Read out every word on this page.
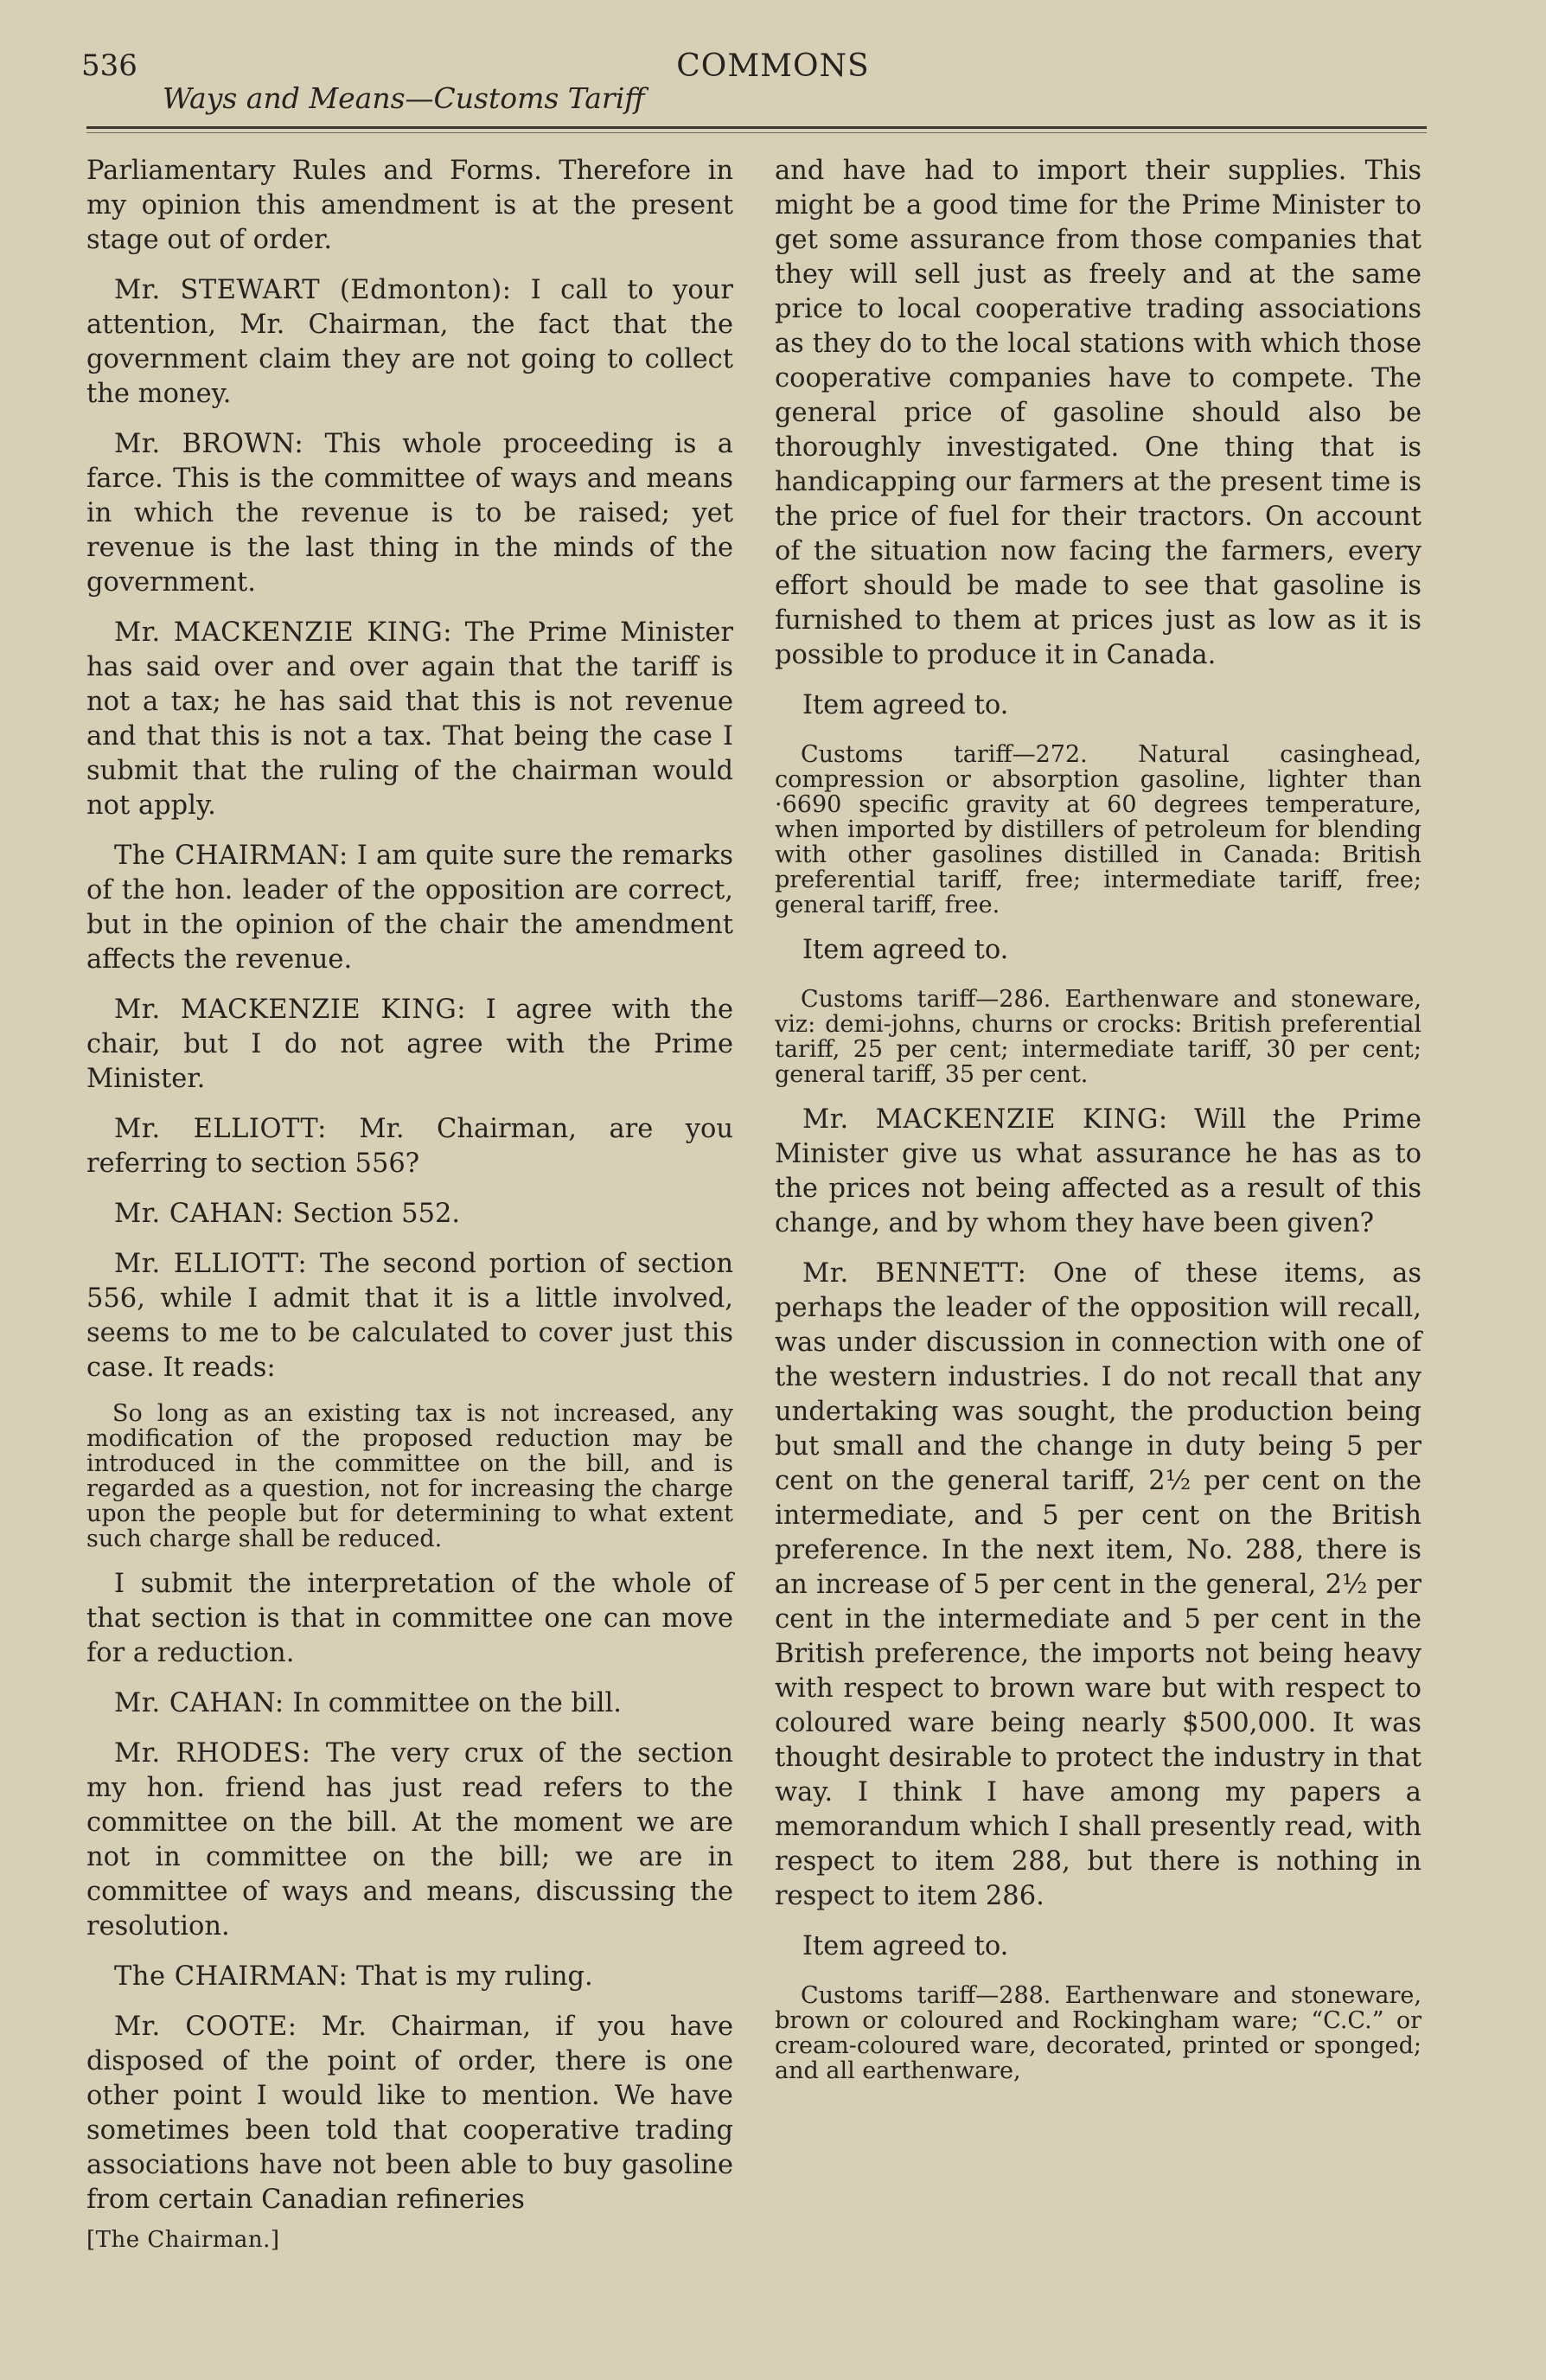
536	COMMONS
Ways and Means—Customs Tariff

Parliamentary Rules and Forms. Therefore in my opinion this amendment is at the present stage out of order.

Mr. STEWART (Edmonton): I call to your attention, Mr. Chairman, the fact that the government claim they are not going to collect the money.

Mr. BROWN: This whole proceeding is a farce. This is the committee of ways and means in which the revenue is to be raised; yet revenue is the last thing in the minds of the government.

Mr. MACKENZIE KING: The Prime Minister has said over and over again that the tariff is not a tax; he has said that this is not revenue and that this is not a tax. That being the case I submit that the ruling of the chairman would not apply.

The CHAIRMAN: I am quite sure the remarks of the hon. leader of the opposition are correct, but in the opinion of the chair the amendment affects the revenue.

Mr. MACKENZIE KING: I agree with the chair, but I do not agree with the Prime Minister.

Mr. ELLIOTT: Mr. Chairman, are you referring to section 556?

Mr. CAHAN: Section 552.

Mr. ELLIOTT: The second portion of section 556, while I admit that it is a little involved, seems to me to be calculated to cover just this case. It reads:

So long as an existing tax is not increased, any modification of the proposed reduction may be introduced in the committee on the bill, and is regarded as a question, not for increasing the charge upon the people but for determining to what extent such charge shall be reduced.

I submit the interpretation of the whole of that section is that in committee one can move for a reduction.

Mr. CAHAN: In committee on the bill.

Mr. RHODES: The very crux of the section my hon. friend has just read refers to the committee on the bill. At the moment we are not in committee on the bill; we are in committee of ways and means, discussing the resolution.

The CHAIRMAN: That is my ruling.

Mr. COOTE: Mr. Chairman, if you have disposed of the point of order, there is one other point I would like to mention. We have sometimes been told that cooperative trading associations have not been able to buy gasoline from certain Canadian refineries

[The Chairman.]

and have had to import their supplies. This might be a good time for the Prime Minister to get some assurance from those companies that they will sell just as freely and at the same price to local cooperative trading associations as they do to the local stations with which those cooperative companies have to compete. The general price of gasoline should also be thoroughly investigated. One thing that is handicapping our farmers at the present time is the price of fuel for their tractors. On account of the situation now facing the farmers, every effort should be made to see that gasoline is furnished to them at prices just as low as it is possible to produce it in Canada.

Item agreed to.

Customs tariff—272. Natural casinghead, compression or absorption gasoline, lighter than ·6690 specific gravity at 60 degrees temperature, when imported by distillers of petroleum for blending with other gasolines distilled in Canada: British preferential tariff, free; intermediate tariff, free; general tariff, free.

Item agreed to.

Customs tariff—286. Earthenware and stoneware, viz: demi-johns, churns or crocks: British preferential tariff, 25 per cent; intermediate tariff, 30 per cent; general tariff, 35 per cent.

Mr. MACKENZIE KING: Will the Prime Minister give us what assurance he has as to the prices not being affected as a result of this change, and by whom they have been given?

Mr. BENNETT: One of these items, as perhaps the leader of the opposition will recall, was under discussion in connection with one of the western industries. I do not recall that any undertaking was sought, the production being but small and the change in duty being 5 per cent on the general tariff, 2½ per cent on the intermediate, and 5 per cent on the British preference. In the next item, No. 288, there is an increase of 5 per cent in the general, 2½ per cent in the intermediate and 5 per cent in the British preference, the imports not being heavy with respect to brown ware but with respect to coloured ware being nearly $500,000. It was thought desirable to protect the industry in that way. I think I have among my papers a memorandum which I shall presently read, with respect to item 288, but there is nothing in respect to item 286.

Item agreed to.

Customs tariff—288. Earthenware and stoneware, brown or coloured and Rockingham ware; “C.C.” or cream-coloured ware, decorated, printed or sponged; and all earthenware,
